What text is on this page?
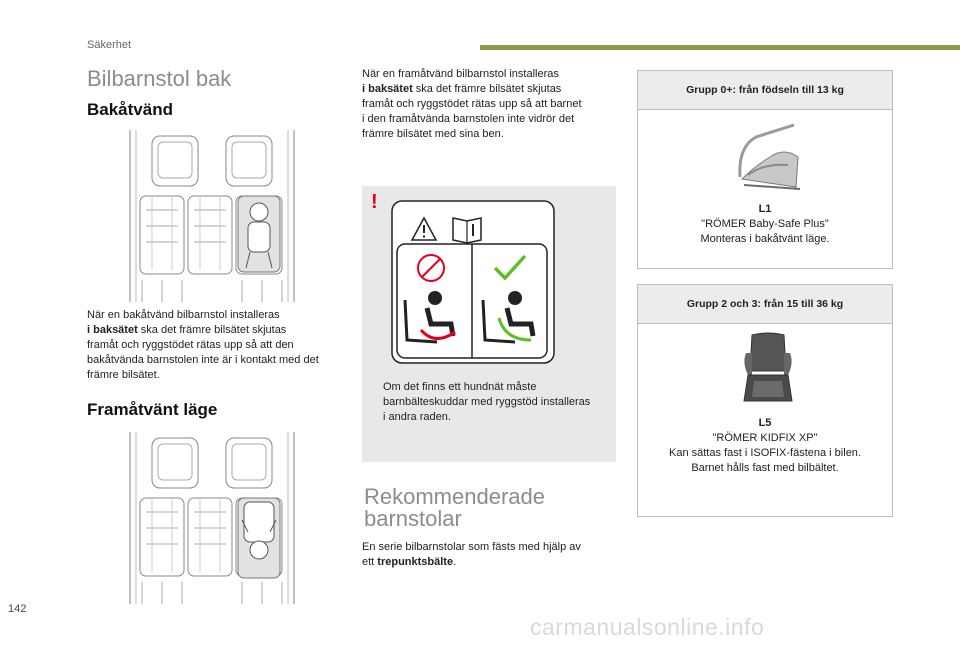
Säkerhet
Bilbarnstol bak
Bakåtvänd
När en bakåtvänd bilbarnstol installeras
i baksätet ska det främre bilsätet skjutas
framåt och ryggstödet rätas upp så att den
bakåtvända barnstolen inte är i kontakt med det
främre bilsätet.
Framåtvänt läge
När en framåtvänd bilbarnstol installeras
i baksätet ska det främre bilsätet skjutas
framåt och ryggstödet rätas upp så att barnet
i den framåtvända barnstolen inte vidrör det
främre bilsätet med sina ben.
!
Om det finns ett hundnät måste
barnbälteskuddar med ryggstöd installeras
i andra raden.
Rekommenderade
barnstolar
En serie bilbarnstolar som fästs med hjälp av
ett trepunktsbälte.
Grupp 0+: från födseln till 13 kg
L1
"RÖMER Baby-Safe Plus"
Monteras i bakåtvänt läge.
Grupp 2 och 3: från 15 till 36 kg
L5
"RÖMER KIDFIX XP"
Kan sättas fast i ISOFIX-fästena i bilen.
Barnet hålls fast med bilbältet.
142
carmanualsonline.info
